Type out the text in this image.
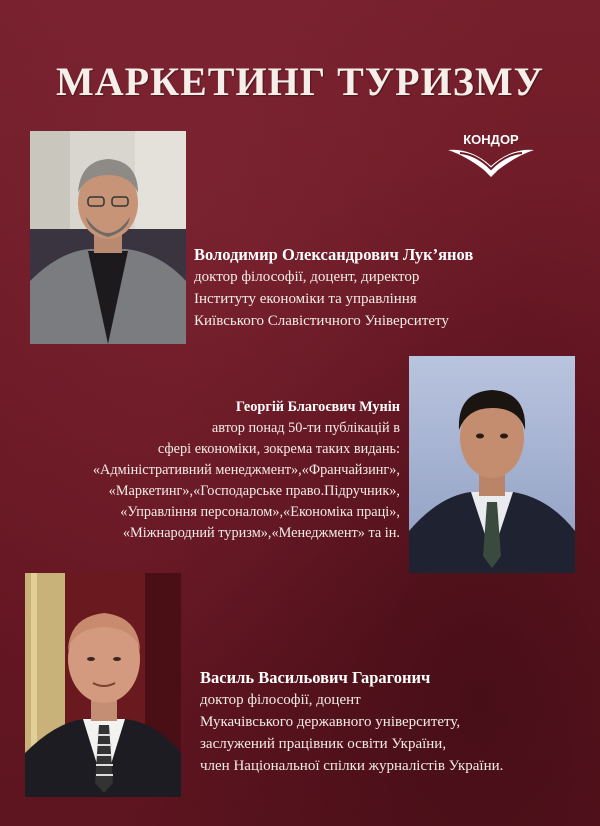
МАРКЕТИНГ ТУРИЗМУ
КОНДОР
Володимир Олександрович Лук’янов
доктор філософії, доцент, директор
Інституту економіки та управління
Київського Славістичного Університету
Георгій Благоєвич Мунін
автор понад 50-ти публікацій в
сфері економіки, зокрема таких видань:
«Адміністративний менеджмент»,«Франчайзинг»,
«Маркетинг»,«Господарське право.Підручник»,
«Управління персоналом»,«Економіка праці»,
«Міжнародний туризм»,«Менеджмент» та ін.
Василь Васильович Гарагонич
доктор філософії, доцент
Мукачівського державного університету,
заслужений працівник освіти України,
член Національної спілки журналістів України.
